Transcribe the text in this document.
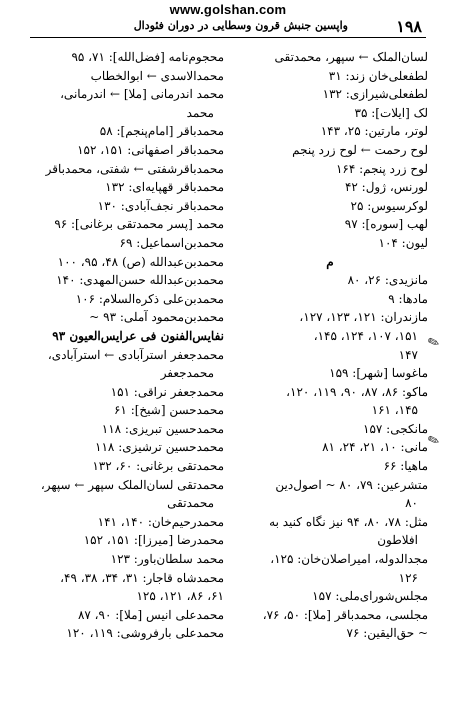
www.golshan.com
۱۹۸
واپسین جنبش قرون وسطایی در دوران فئودال
لسان‌الملک ← سپهر، محمدتقی
لطفعلی‌خان زند: ۳۱
لطفعلی‌شیرازی: ۱۳۲
لک [ایلات]: ۳۵
لوتر، مارتین: ۲۵، ۱۴۳
لوح رحمت ← لوح زرد پنجم
لوح زرد پنجم: ۱۶۴
لورنس، ژول: ۴۲
لوکرسیوس: ۲۵
لهب [سوره]: ۹۷
لیون: ۱۰۴
م
مانزیدی: ۲۶، ۸۰
مادها: ۹
مازندران: ۱۲۱، ۱۲۳، ۱۲۷،
۱۵۱، ۱۰۷، ۱۲۴، ۱۴۵،
۱۴۷
ماغوسا [شهر]: ۱۵۹
ماکو: ۸۶، ۸۷، ۹۰، ۱۱۹، ۱۲۰،
۱۴۵، ۱۶۱
مانکجی: ۱۵۷
مانی: ۱۰، ۲۱، ۲۴، ۸۱
ماهیا: ۶۶
متشرعین: ۷۹، ۸۰ ~ اصول‌دین
۸۰
مثل: ۷۸، ۸۰، ۹۴ نیز نگاه کنید به
افلاطون
مجدالدوله، امیراصلان‌خان: ۱۲۵،
۱۲۶
مجلس‌شورای‌ملی: ۱۵۷
مجلسی، محمدباقر [ملا]: ۵۰، ۷۶،
~ حق‌الیقین: ۷۶
محجوم‌نامه [فضل‌الله]: ۷۱، ۹۵
محمدالاسدی ← ابوالخطاب
محمد اندرمانی [ملا] ← اندرمانی،
محمد
محمدباقر [امام‌پنجم]: ۵۸
محمدباقر اصفهانی: ۱۵۱، ۱۵۲
محمدباقرشفتی ← شفتی، محمدباقر
محمدباقر قهپایه‌ای: ۱۳۲
محمدباقر نجف‌آبادی: ۱۳۰
محمد [پسر محمدتقی برغانی]: ۹۶
محمدبن‌اسماعیل: ۶۹
محمدبن‌عبدالله (ص) ۴۸، ۹۵، ۱۰۰
محمدبن‌عبدالله حسن‌المهدی: ۱۴۰
محمدبن‌علی ذکره‌السلام: ۱۰۶
محمدبن‌محمود آملی: ۹۳ ~
نفایس‌الفنون فی عرایس‌العیون ۹۳
محمدجعفر استرآبادی ← استرآبادی،
محمدجعفر
محمدجعفر نراقی: ۱۵۱
محمدحسن [شیخ]: ۶۱
محمدحسین تبریزی: ۱۱۸
محمدحسین ترشیزی: ۱۱۸
محمدتقی برغانی: ۶۰، ۱۳۲
محمدتقی لسان‌الملک سپهر ← سپهر،
محمدتقی
محمدرحیم‌خان: ۱۴۰، ۱۴۱
محمدرضا [میرزا]: ۱۵۱، ۱۵۲
محمد سلطان‌باور: ۱۲۳
محمدشاه قاجار: ۳۱، ۳۴، ۳۸، ۴۹،
۶۱، ۸۶، ۱۲۱، ۱۲۵
محمدعلی انیس [ملا]: ۹۰، ۸۷
محمدعلی بارفروشی: ۱۱۹، ۱۲۰
✎
✎
